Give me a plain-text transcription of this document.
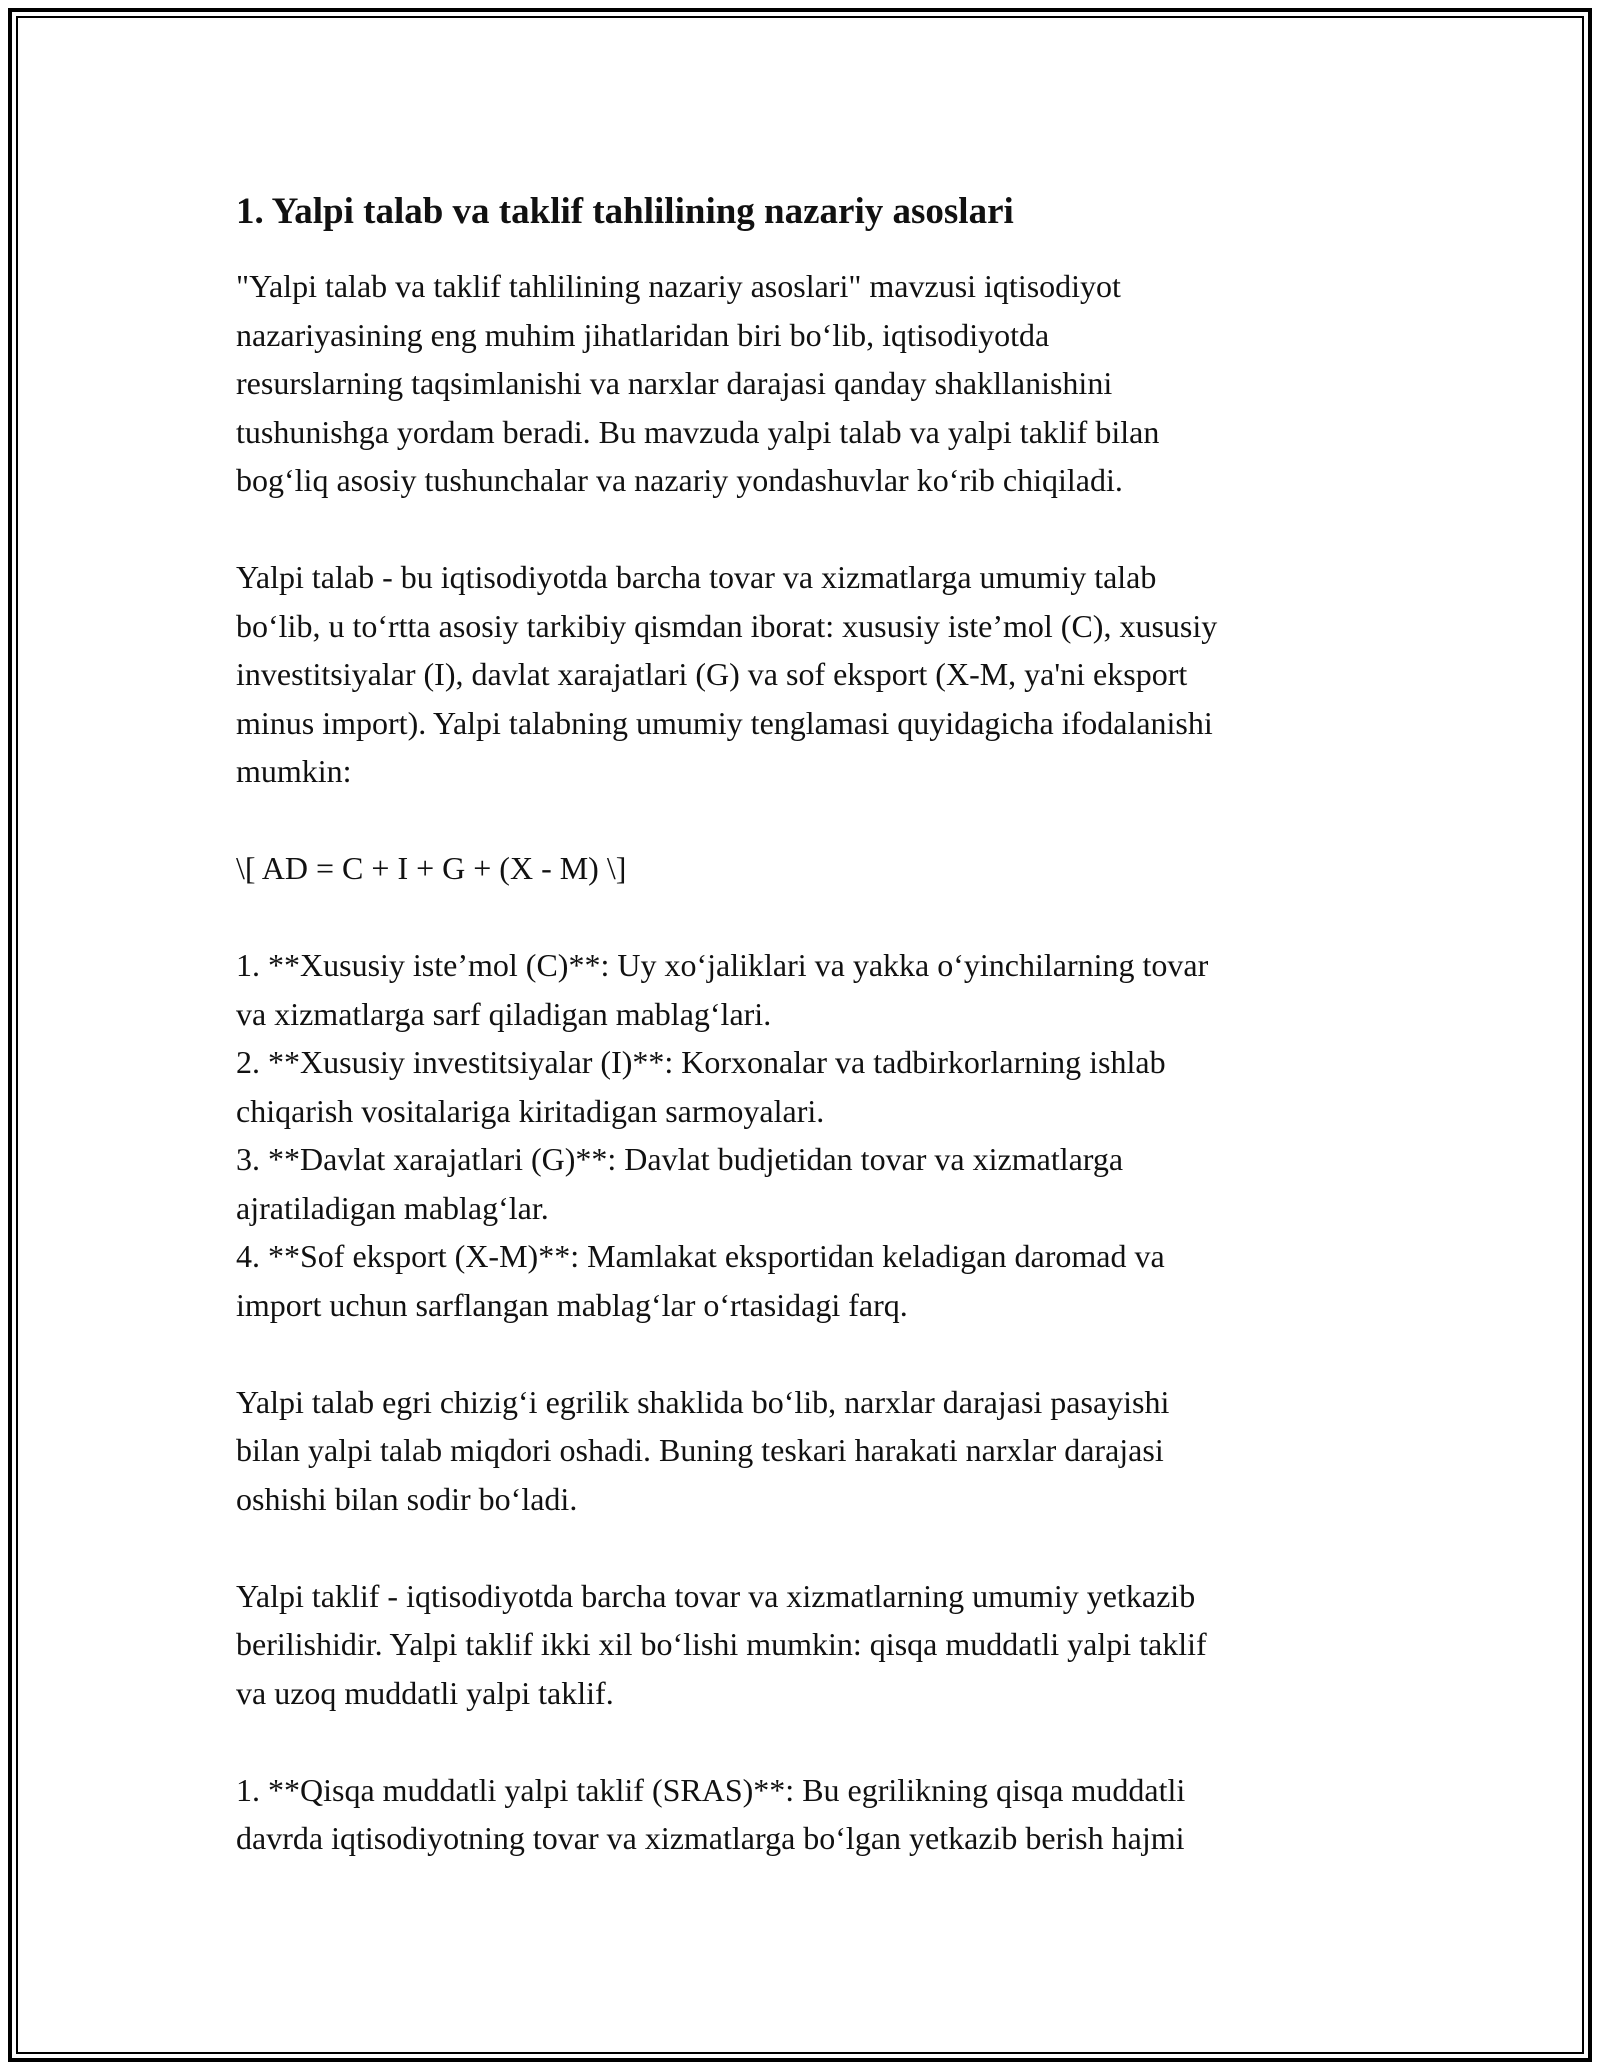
1. Yalpi talab va taklif tahlilining nazariy asoslari

"Yalpi talab va taklif tahlilining nazariy asoslari" mavzusi iqtisodiyot
nazariyasining eng muhim jihatlaridan biri bo‘lib, iqtisodiyotda
resurslarning taqsimlanishi va narxlar darajasi qanday shakllanishini
tushunishga yordam beradi. Bu mavzuda yalpi talab va yalpi taklif bilan
bog‘liq asosiy tushunchalar va nazariy yondashuvlar ko‘rib chiqiladi.

Yalpi talab - bu iqtisodiyotda barcha tovar va xizmatlarga umumiy talab
bo‘lib, u to‘rtta asosiy tarkibiy qismdan iborat: xususiy iste’mol (C), xususiy
investitsiyalar (I), davlat xarajatlari (G) va sof eksport (X-M, ya'ni eksport
minus import). Yalpi talabning umumiy tenglamasi quyidagicha ifodalanishi
mumkin:

\[ AD = C + I + G + (X - M) \]

1. **Xususiy iste’mol (C)**: Uy xo‘jaliklari va yakka o‘yinchilarning tovar
va xizmatlarga sarf qiladigan mablag‘lari.
2. **Xususiy investitsiyalar (I)**: Korxonalar va tadbirkorlarning ishlab
chiqarish vositalariga kiritadigan sarmoyalari.
3. **Davlat xarajatlari (G)**: Davlat budjetidan tovar va xizmatlarga
ajratiladigan mablag‘lar.
4. **Sof eksport (X-M)**: Mamlakat eksportidan keladigan daromad va
import uchun sarflangan mablag‘lar o‘rtasidagi farq.

Yalpi talab egri chizig‘i egrilik shaklida bo‘lib, narxlar darajasi pasayishi
bilan yalpi talab miqdori oshadi. Buning teskari harakati narxlar darajasi
oshishi bilan sodir bo‘ladi.

Yalpi taklif - iqtisodiyotda barcha tovar va xizmatlarning umumiy yetkazib
berilishidir. Yalpi taklif ikki xil bo‘lishi mumkin: qisqa muddatli yalpi taklif
va uzoq muddatli yalpi taklif.

1. **Qisqa muddatli yalpi taklif (SRAS)**: Bu egrilikning qisqa muddatli
davrda iqtisodiyotning tovar va xizmatlarga bo‘lgan yetkazib berish hajmi
